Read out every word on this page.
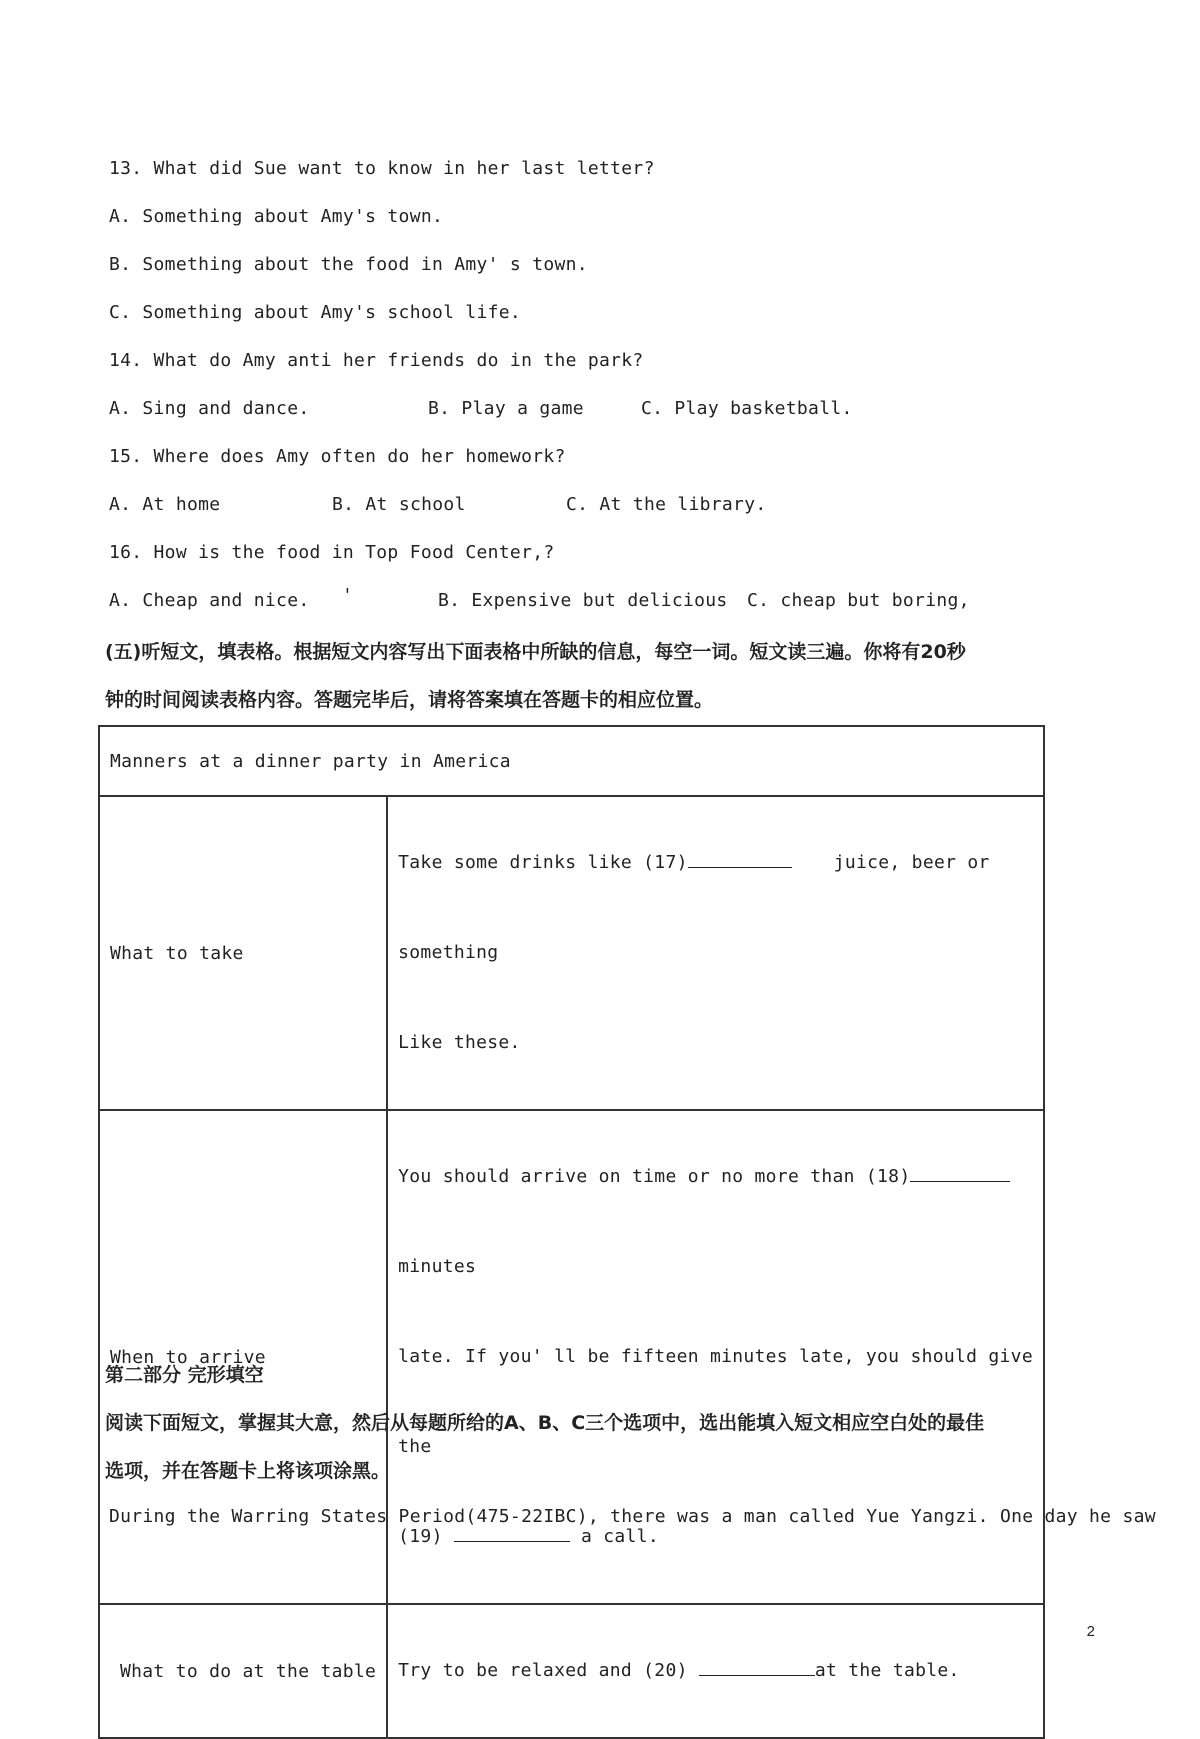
13. What did Sue want to know in her last letter?
A. Something about Amy's town.
B. Something about the food in Amy' s town.
C. Something about Amy's school life.
14. What do Amy anti her friends do in the park?
A. Sing and dance.	B. Play a game	C. Play basketball.
15. Where does Amy often do her homework?
A. At home	B. At school	C. At the library.
16. How is the food in Top Food Center,?
A. Cheap and nice. '	B. Expensive but delicious C. cheap but boring,
(五)听短文，填表格。根据短文内容写出下面表格中所缺的信息，每空一词。短文读三遍。你将有20秒
钟的时间阅读表格内容。答题完毕后，请将答案填在答题卡的相应位置。
Manners at a dinner party in America	
What to take	Take some drinks like (17) juice, beer or

something

Like these.

When to arrive	You should arrive on time or no more than (18)

minutes

late. If you' ll be fifteen minutes late, you should give

the

(19) a call.

What to do at the table	Try to be relaxed and (20) at the table.

第二部分 完形填空
阅读下面短文，掌握其大意，然后从每题所给的A、B、C三个选项中，选出能填入短文相应空白处的最佳
选项，并在答题卡上将该项涂黑。
During the Warring States Period(475-22IBC), there was a man called Yue Yangzi. One day he saw
2
